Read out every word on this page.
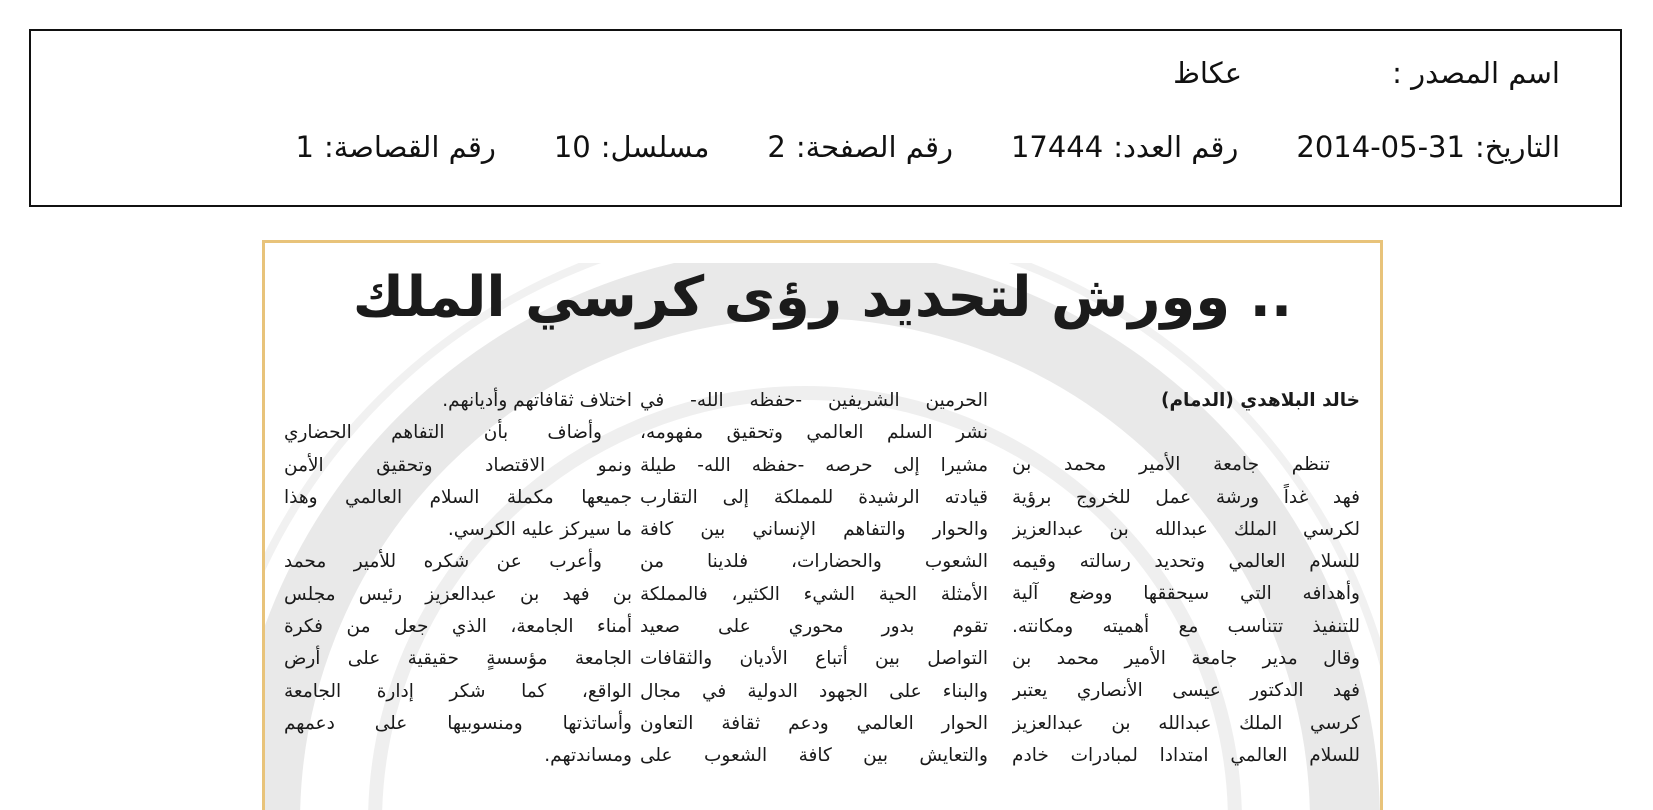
اسم المصدر :عكاظ
التاريخ:2014-05-31رقم العدد:17444رقم الصفحة:2مسلسل:10رقم القصاصة:1
.. وورش لتحديد رؤى كرسي الملك
خالد البلاهدي (الدمام)
تنظم جامعة الأمير محمد بن
فهد غداً ورشة عمل للخروج برؤية
لكرسي الملك عبدالله بن عبدالعزيز
للسلام العالمي وتحديد رسالته وقيمه
وأهدافه التي سيحققها ووضع آلية
للتنفيذ تتناسب مع أهميته ومكانته.
وقال مدير جامعة الأمير محمد بن
فهد الدكتور عيسى الأنصاري يعتبر
كرسي الملك عبدالله بن عبدالعزيز
للسلام العالمي امتدادا لمبادرات خادم
الحرمين الشريفين -حفظه الله- في
نشر السلم العالمي وتحقيق مفهومه،
مشيرا إلى حرصه -حفظه الله- طيلة
قيادته الرشيدة للمملكة إلى التقارب
والحوار والتفاهم الإنساني بين كافة
الشعوب والحضارات، فلدينا من
الأمثلة الحية الشيء الكثير، فالمملكة
تقوم بدور محوري على صعيد
التواصل بين أتباع الأديان والثقافات
والبناء على الجهود الدولية في مجال
الحوار العالمي ودعم ثقافة التعاون
والتعايش بين كافة الشعوب على
اختلاف ثقافاتهم وأديانهم.
وأضاف بأن التفاهم الحضاري
ونمو الاقتصاد وتحقيق الأمن
جميعها مكملة السلام العالمي وهذا
ما سيركز عليه الكرسي.
وأعرب عن شكره للأمير محمد
بن فهد بن عبدالعزيز رئيس مجلس
أمناء الجامعة، الذي جعل من فكرة
الجامعة مؤسسةٍ حقيقية على أرض
الواقع، كما شكر إدارة الجامعة
وأساتذتها ومنسوبيها على دعمهم
ومساندتهم.
